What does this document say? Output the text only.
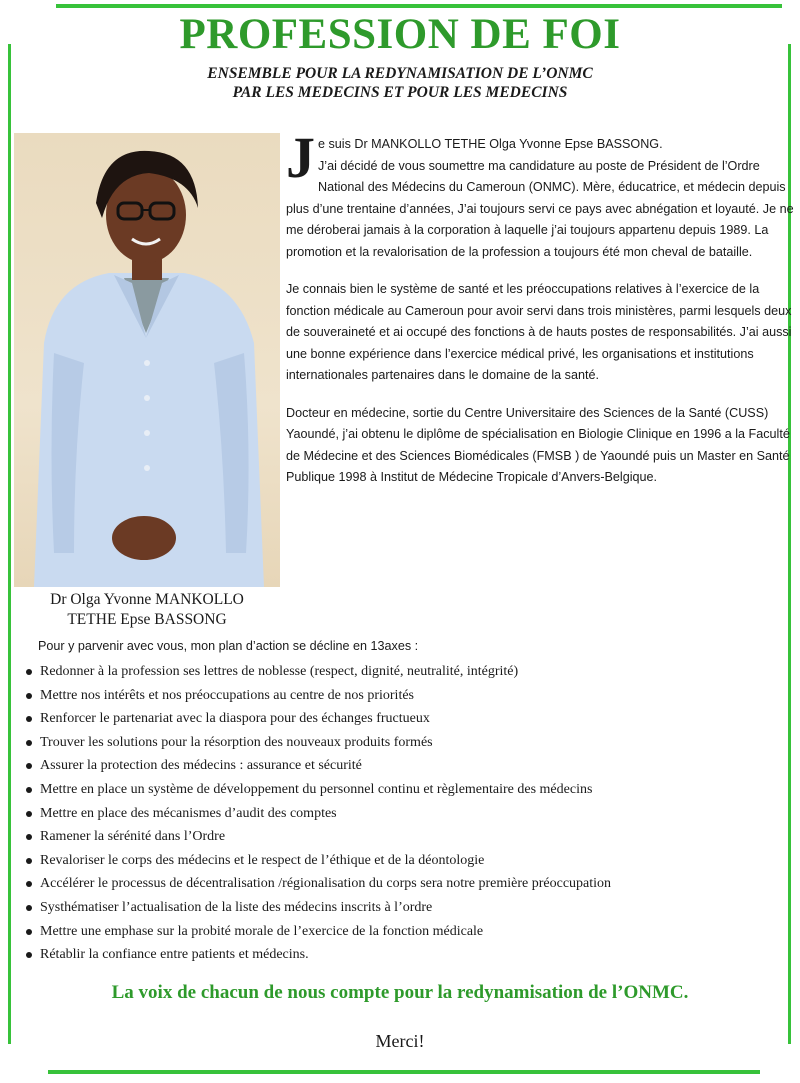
PROFESSION DE FOI
ENSEMBLE POUR LA REDYNAMISATION DE L’ONMC
PAR LES MEDECINS ET POUR LES MEDECINS
Dr Olga Yvonne MANKOLLO
TETHE Epse BASSONG

J e suis Dr MANKOLLO TETHE Olga Yvonne Epse BASSONG.
J’ai décidé de vous soumettre ma candidature au poste de Président de l’Ordre National des Médecins du Cameroun (ONMC). Mère, éducatrice, et médecin depuis plus d’une trentaine d’années, J’ai toujours servi ce pays avec abnégation et loyauté. Je ne me déroberai jamais à la corporation à laquelle j’ai toujours appartenu depuis 1989. La promotion et la revalorisation de la profession a toujours été mon cheval de bataille.

Je connais bien le système de santé et les préoccupations relatives à l’exercice de la fonction médicale au Cameroun pour avoir servi dans trois ministères, parmi lesquels deux de souveraineté et ai occupé des fonctions à de hauts postes de responsabilités. J’ai aussi une bonne expérience dans l’exercice médical privé, les organisations et institutions internationales partenaires dans le domaine de la santé.

Docteur en médecine, sortie du Centre Universitaire des Sciences de la Santé (CUSS) Yaoundé, j’ai obtenu le diplôme de spécialisation en Biologie Clinique en 1996 a la Faculté de Médecine et des Sciences Biomédicales (FMSB ) de Yaoundé puis un Master en Santé Publique 1998 à Institut de Médecine Tropicale d’Anvers-Belgique.

Pour y parvenir avec vous, mon plan d’action se décline en 13axes :
Redonner à la profession ses lettres de noblesse (respect, dignité, neutralité, intégrité)
Mettre nos intérêts et nos préoccupations au centre de nos priorités
Renforcer le partenariat avec la diaspora pour des échanges fructueux
Trouver les solutions pour la résorption des nouveaux produits formés
Assurer la protection des médecins : assurance et sécurité
Mettre en place un système de développement du personnel continu et règlementaire des médecins
Mettre en place des mécanismes d’audit des comptes
Ramener la sérénité dans l’Ordre
Revaloriser le corps des médecins et le respect de l’éthique et de la déontologie
Accélérer le processus de décentralisation /régionalisation du corps sera notre première préoccupation
Systhématiser l’actualisation de la liste des médecins inscrits à l’ordre
Mettre une emphase sur la probité morale de l’exercice de la fonction médicale
Rétablir la confiance entre patients et médecins.
La voix de chacun de nous compte pour la redynamisation de l’ONMC.
Merci!
